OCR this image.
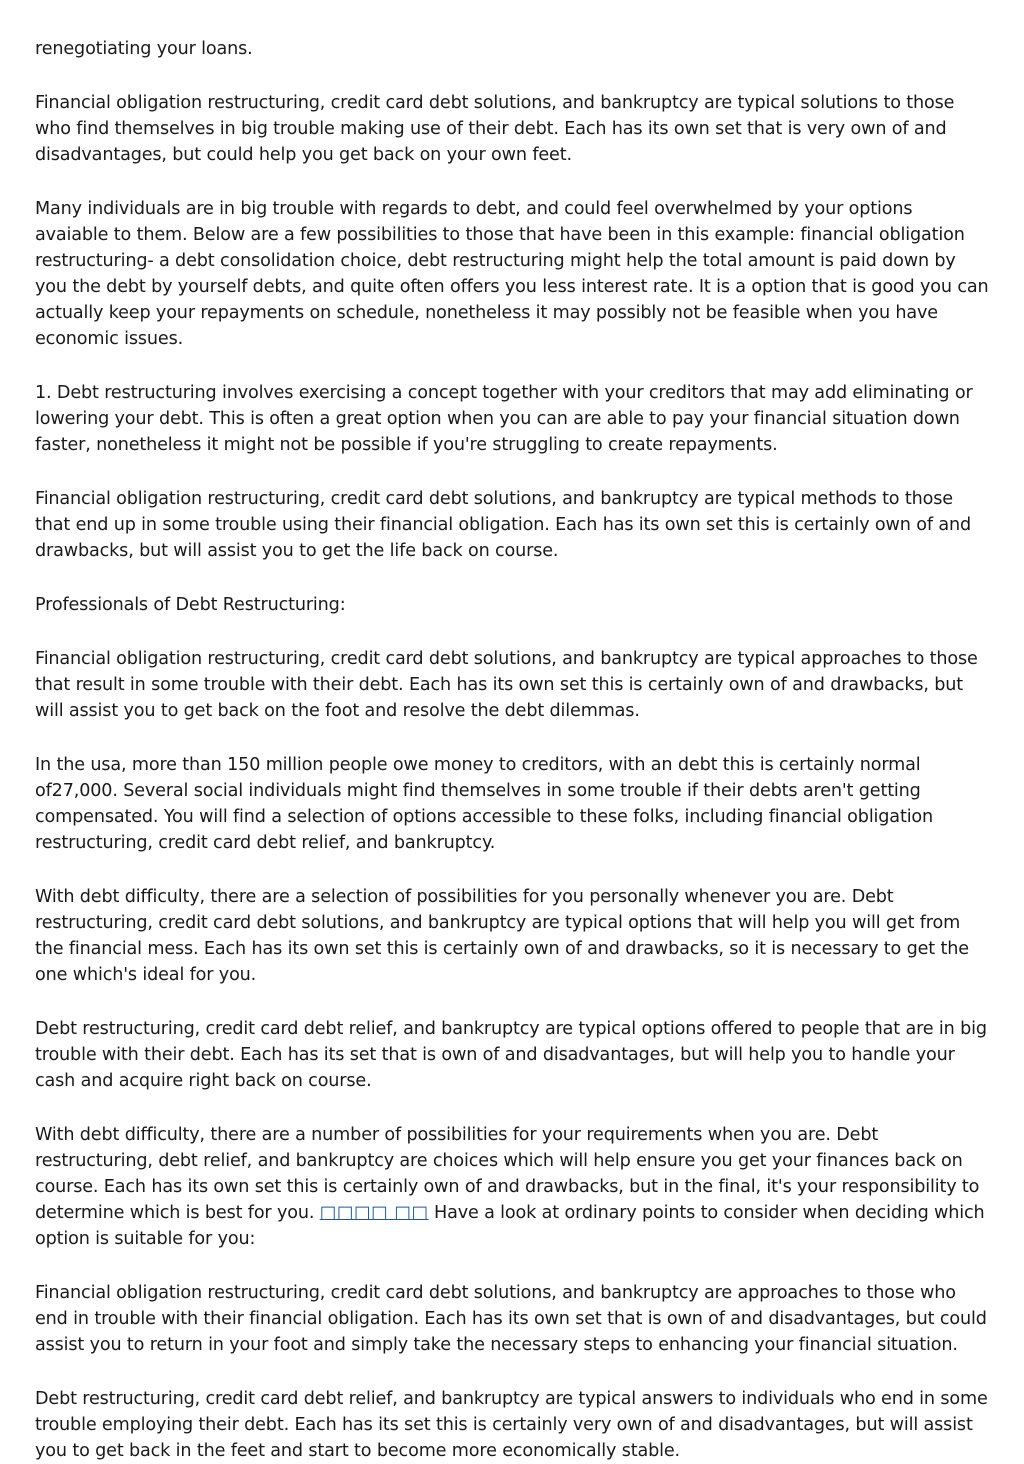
renegotiating your loans.

Financial obligation restructuring, credit card debt solutions, and bankruptcy are typical solutions to those who find themselves in big trouble making use of their debt. Each has its own set that is very own of and disadvantages, but could help you get back on your own feet.

Many individuals are in big trouble with regards to debt, and could feel overwhelmed by your options avaiable to them. Below are a few possibilities to those that have been in this example: financial obligation restructuring- a debt consolidation choice, debt restructuring might help the total amount is paid down by you the debt by yourself debts, and quite often offers you less interest rate. It is a option that is good you can actually keep your repayments on schedule, nonetheless it may possibly not be feasible when you have economic issues.

1. Debt restructuring involves exercising a concept together with your creditors that may add eliminating or lowering your debt. This is often a great option when you can are able to pay your financial situation down faster, nonetheless it might not be possible if you're struggling to create repayments.

Financial obligation restructuring, credit card debt solutions, and bankruptcy are typical methods to those that end up in some trouble using their financial obligation. Each has its own set this is certainly own of and drawbacks, but will assist you to get the life back on course.

Professionals of Debt Restructuring:

Financial obligation restructuring, credit card debt solutions, and bankruptcy are typical approaches to those that result in some trouble with their debt. Each has its own set this is certainly own of and drawbacks, but will assist you to get back on the foot and resolve the debt dilemmas.

In the usa, more than 150 million people owe money to creditors, with an debt this is certainly normal of27,000. Several social individuals might find themselves in some trouble if their debts aren't getting compensated. You will find a selection of options accessible to these folks, including financial obligation restructuring, credit card debt relief, and bankruptcy.

With debt difficulty, there are a selection of possibilities for you personally whenever you are. Debt restructuring, credit card debt solutions, and bankruptcy are typical options that will help you will get from the financial mess. Each has its own set this is certainly own of and drawbacks, so it is necessary to get the one which's ideal for you.

Debt restructuring, credit card debt relief, and bankruptcy are typical options offered to people that are in big trouble with their debt. Each has its set that is own of and disadvantages, but will help you to handle your cash and acquire right back on course.

With debt difficulty, there are a number of possibilities for your requirements when you are. Debt restructuring, debt relief, and bankruptcy are choices which will help ensure you get your finances back on course. Each has its own set this is certainly own of and drawbacks, but in the final, it's your responsibility to determine which is best for you. □□□□ □□ Have a look at ordinary points to consider when deciding which option is suitable for you:

Financial obligation restructuring, credit card debt solutions, and bankruptcy are approaches to those who end in trouble with their financial obligation. Each has its own set that is own of and disadvantages, but could assist you to return in your foot and simply take the necessary steps to enhancing your financial situation.

Debt restructuring, credit card debt relief, and bankruptcy are typical answers to individuals who end in some trouble employing their debt. Each has its set this is certainly very own of and disadvantages, but will assist you to get back in the feet and start to become more economically stable.
